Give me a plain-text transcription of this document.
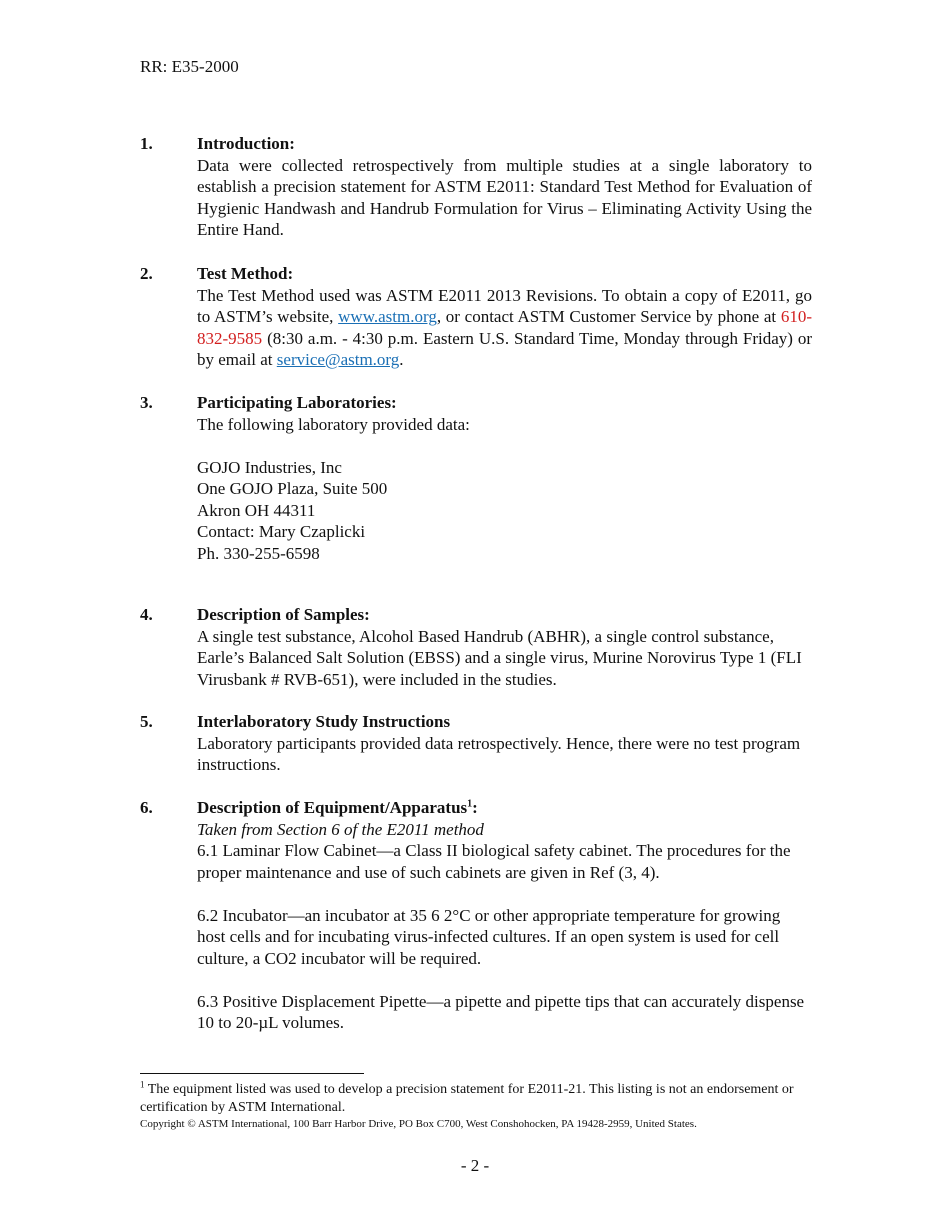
RR: E35-2000
1.	Introduction:
Data were collected retrospectively from multiple studies at a single laboratory to establish a precision statement for ASTM E2011: Standard Test Method for Evaluation of Hygienic Handwash and Handrub Formulation for Virus – Eliminating Activity Using the Entire Hand.
2.	Test Method:
The Test Method used was ASTM E2011 2013 Revisions. To obtain a copy of E2011, go to ASTM’s website, www.astm.org, or contact ASTM Customer Service by phone at 610-832-9585 (8:30 a.m. - 4:30 p.m. Eastern U.S. Standard Time, Monday through Friday) or by email at service@astm.org.
3.	Participating Laboratories:
The following laboratory provided data:
GOJO Industries, Inc
One GOJO Plaza, Suite 500
Akron OH 44311
Contact: Mary Czaplicki
Ph. 330-255-6598
4.	Description of Samples:
A single test substance, Alcohol Based Handrub (ABHR), a single control substance, Earle’s Balanced Salt Solution (EBSS) and a single virus, Murine Norovirus Type 1 (FLI Virusbank # RVB-651), were included in the studies.
5.	Interlaboratory Study Instructions
Laboratory participants provided data retrospectively. Hence, there were no test program instructions.
6.	Description of Equipment/Apparatus$^1$:
Taken from Section 6 of the E2011 method
6.1 Laminar Flow Cabinet—a Class II biological safety cabinet. The procedures for the proper maintenance and use of such cabinets are given in Ref (3, 4).
6.2 Incubator—an incubator at 35 6 2°C or other appropriate temperature for growing host cells and for incubating virus-infected cultures. If an open system is used for cell culture, a CO2 incubator will be required.
6.3 Positive Displacement Pipette—a pipette and pipette tips that can accurately dispense 10 to 20-µL volumes.
$^1$ The equipment listed was used to develop a precision statement for E2011-21. This listing is not an endorsement or certification by ASTM International.
Copyright © ASTM International, 100 Barr Harbor Drive, PO Box C700, West Conshohocken, PA 19428-2959, United States.
- 2 -
